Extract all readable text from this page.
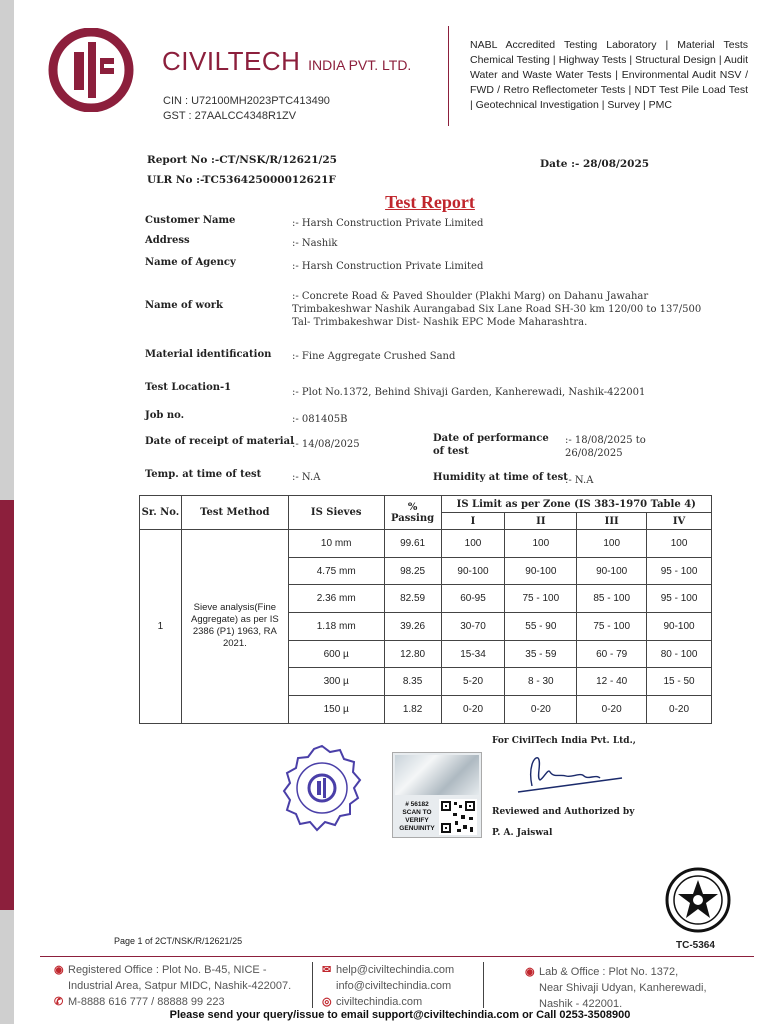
CIVILTECH INDIA PVT. LTD.
CIN : U72100MH2023PTC413490
GST : 27AALCC4348R1ZV
NABL Accredited Testing Laboratory | Material Tests Chemical Testing | Highway Tests | Structural Design | Audit Water and Waste Water Tests | Environmental Audit NSV / FWD / Retro Reflectometer Tests | NDT Test Pile Load Test | Geotechnical Investigation | Survey | PMC
Report No :-CT/NSK/R/12621/25
ULR No :-TC536425000012621F
Date :- 28/08/2025
Test Report
Customer Name	:- Harsh Construction Private Limited
Address	:- Nashik
Name of Agency	:- Harsh Construction Private Limited
Name of work
:- Concrete Road & Paved Shoulder (Plakhi Marg) on Dahanu Jawahar Trimbakeshwar Nashik Aurangabad Six Lane Road SH-30 km 120/00 to 137/500 Tal- Trimbakeshwar Dist- Nashik EPC Mode Maharashtra.
Material identification :- Fine Aggregate Crushed Sand
Test Location-1	:- Plot No.1372, Behind Shivaji Garden, Kanherewadi, Nashik-422001
Job no.	:- 081405B
Date of receipt of material
:- 14/08/2025
Date of performance of test
:- 18/08/2025 to 26/08/2025
Temp. at time of test	:- N.A	Humidity at time of test
:- N.A
Sr. No.	Test Method	IS Sieves	%
Passing	IS Limit as per Zone (IS 383-1970 Table 4)			
				I	II	III	IV
1	Sieve analysis(Fine Aggregate) as per IS 2386 (P1) 1963, RA 2021.	10 mm	99.61	100	100	100	100
		4.75 mm	98.25	90-100	90-100	90-100	95 - 100
		2.36 mm	82.59	60-95	75 - 100	85 - 100	95 - 100
		1.18 mm	39.26	30-70	55 - 90	75 - 100	90-100
		600 µ	12.80	15-34	35 - 59	60 - 79	80 - 100
		300 µ	8.35	5-20	8 - 30	12 - 40	15 - 50
		150 µ	1.82	0-20	0-20	0-20	0-20
# 56182 SCAN TO VERIFY GENUINITY
For CivilTech India Pvt. Ltd.,
Reviewed and Authorized by
P. A. Jaiswal
TC-5364
Page 1 of 2CT/NSK/R/12621/25
◉ Registered Office : Plot No. B-45, NICE -
Industrial Area, Satpur MIDC, Nashik-422007.
✆ M-8888 616 777 / 88888 99 223
✉ help@civiltechindia.com
info@civiltechindia.com
◎ civiltechindia.com
◉ Lab & Office : Plot No. 1372,
Near Shivaji Udyan, Kanherewadi,
Nashik - 422001.
Please send your query/issue to email support@civiltechindia.com or Call 0253-3508900
